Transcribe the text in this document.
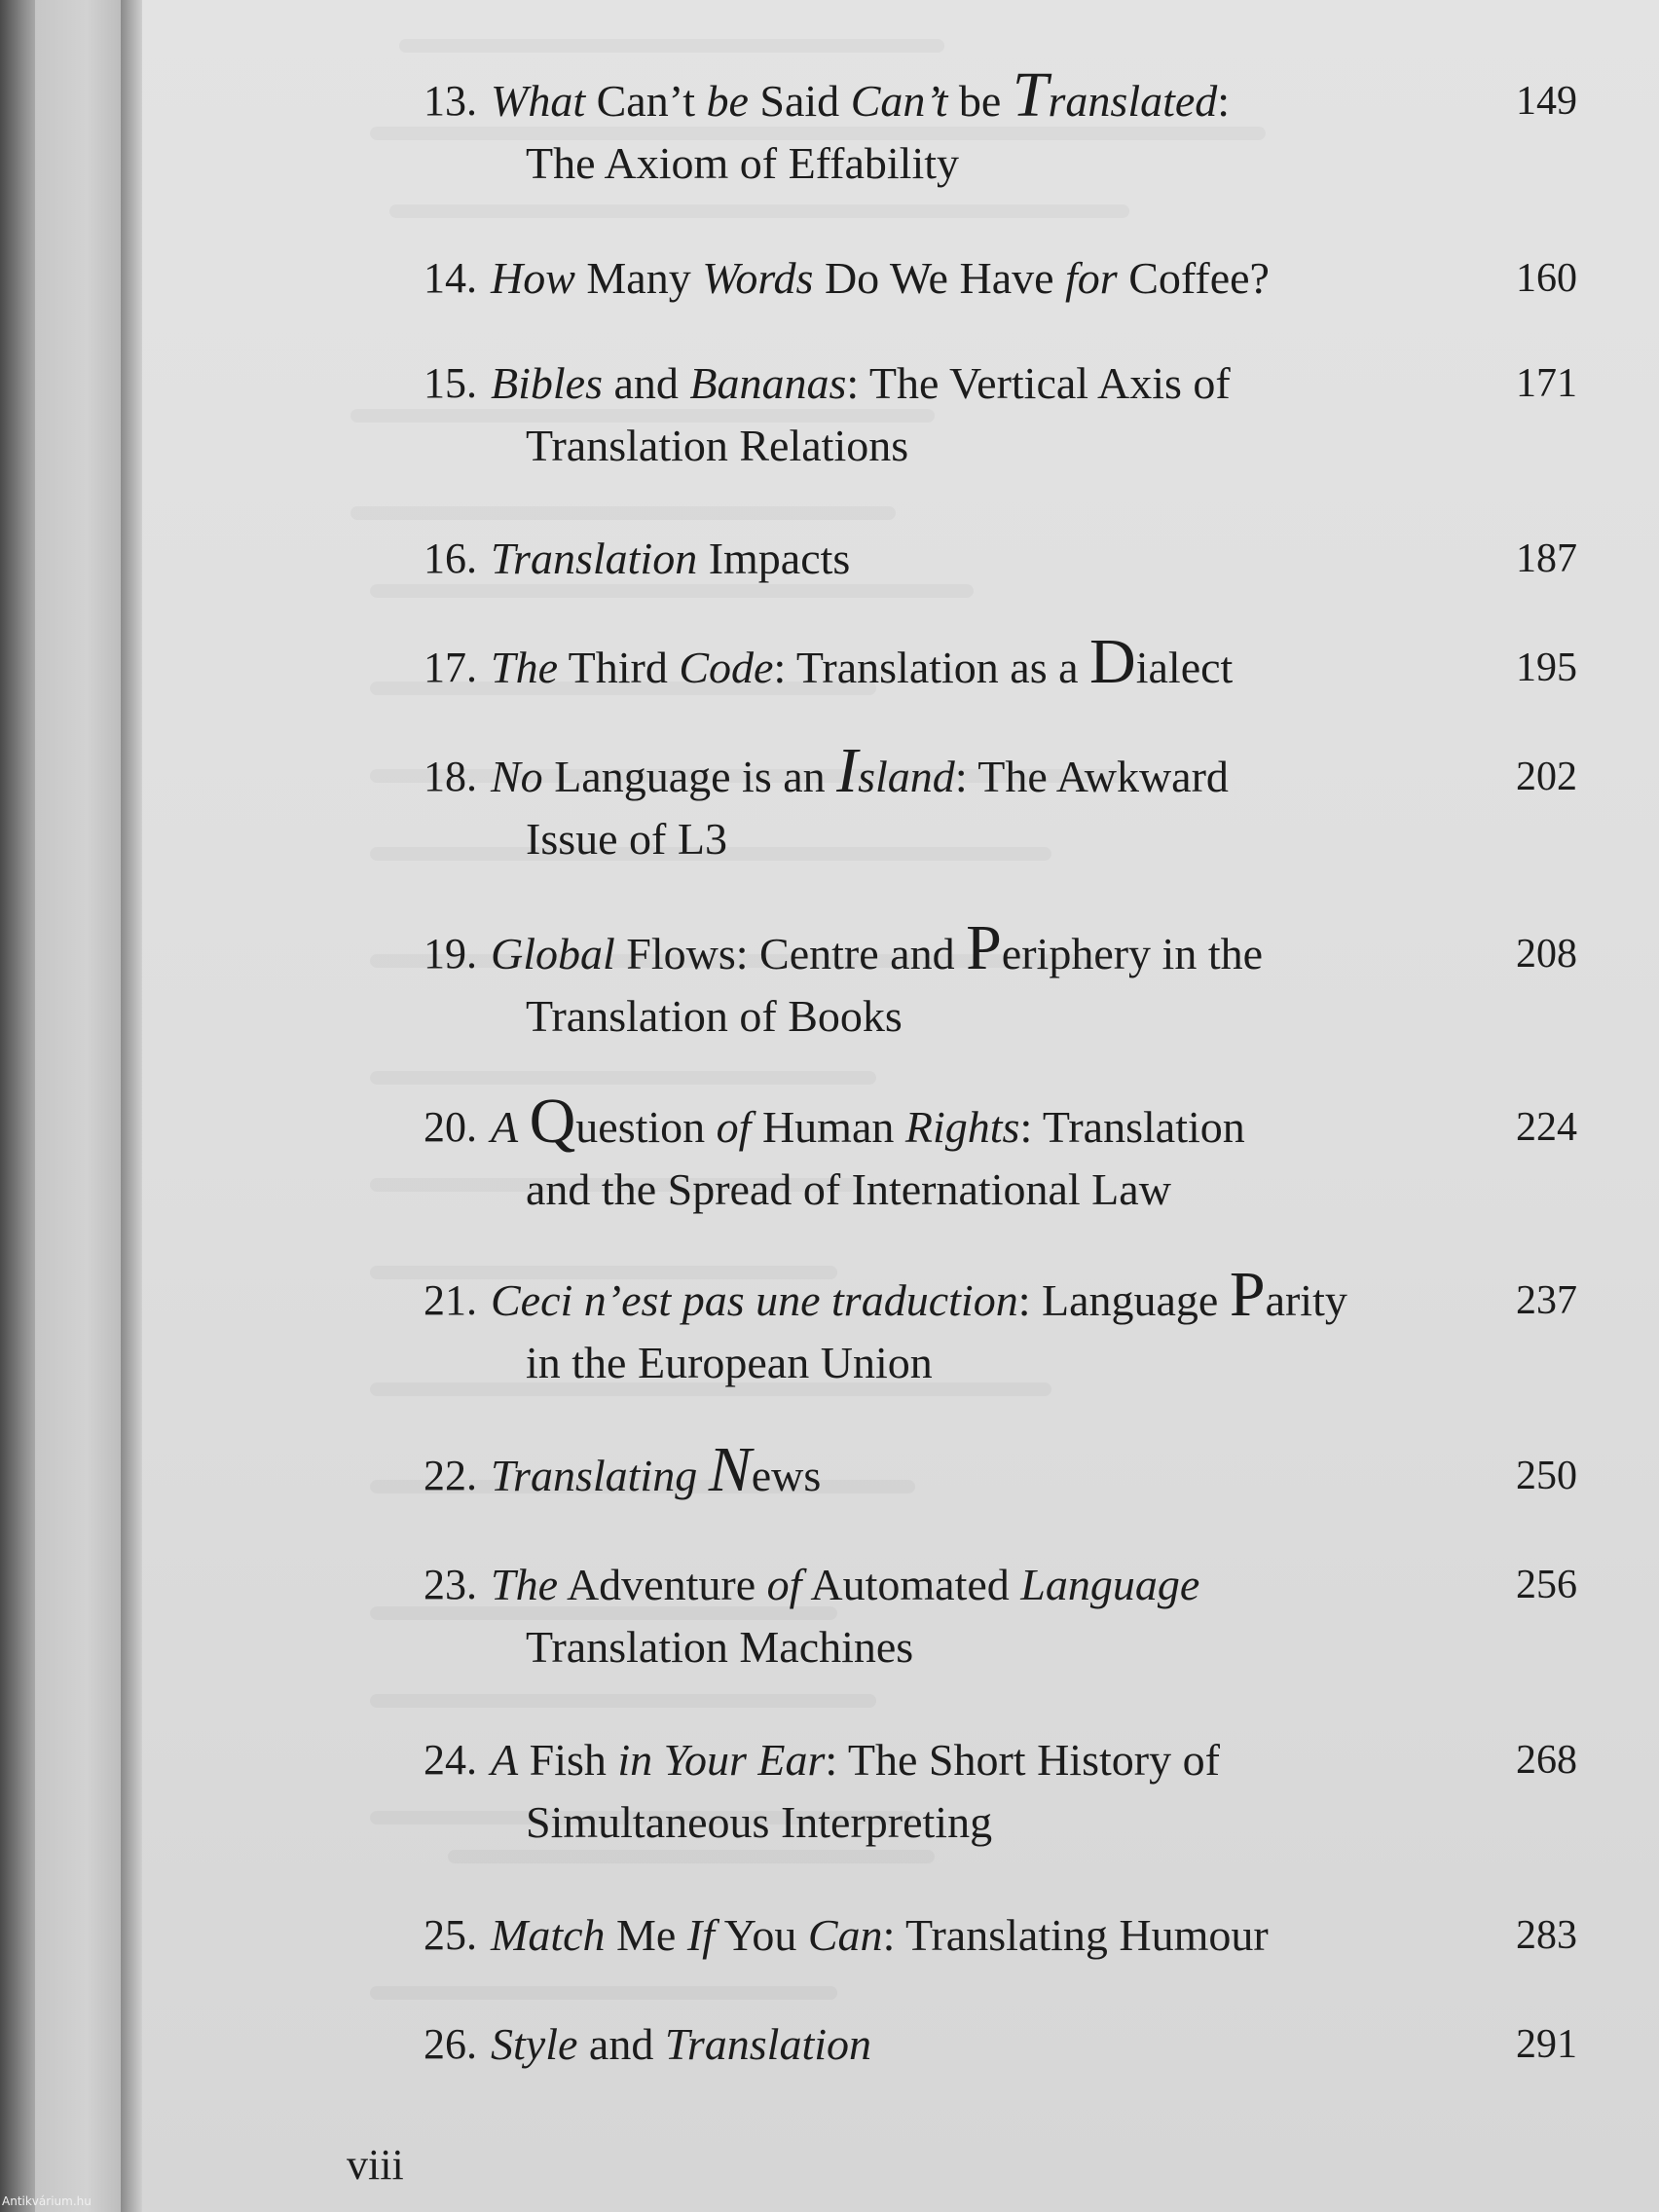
13. What Can’t be Said Can’t be Translated:
The Axiom of Effability
149
14. How Many Words Do We Have for Coffee?	160
15. Bibles and Bananas: The Vertical Axis of
Translation Relations
171
16. Translation Impacts	187
17. The Third Code: Translation as a Dialect	195
18. No Language is an Island: The Awkward
Issue of L3
202
19. Global Flows: Centre and Periphery in the
Translation of Books
208
20. A Question of Human Rights: Translation
and the Spread of International Law
224
21. Ceci n’est pas une traduction: Language Parity
in the European Union
237
22. Translating News	250
23. The Adventure of Automated Language
Translation Machines
256
24. A Fish in Your Ear: The Short History of
Simultaneous Interpreting
268
25. Match Me If You Can: Translating Humour	283
26. Style and Translation	291
viii
Antikvárium.hu
